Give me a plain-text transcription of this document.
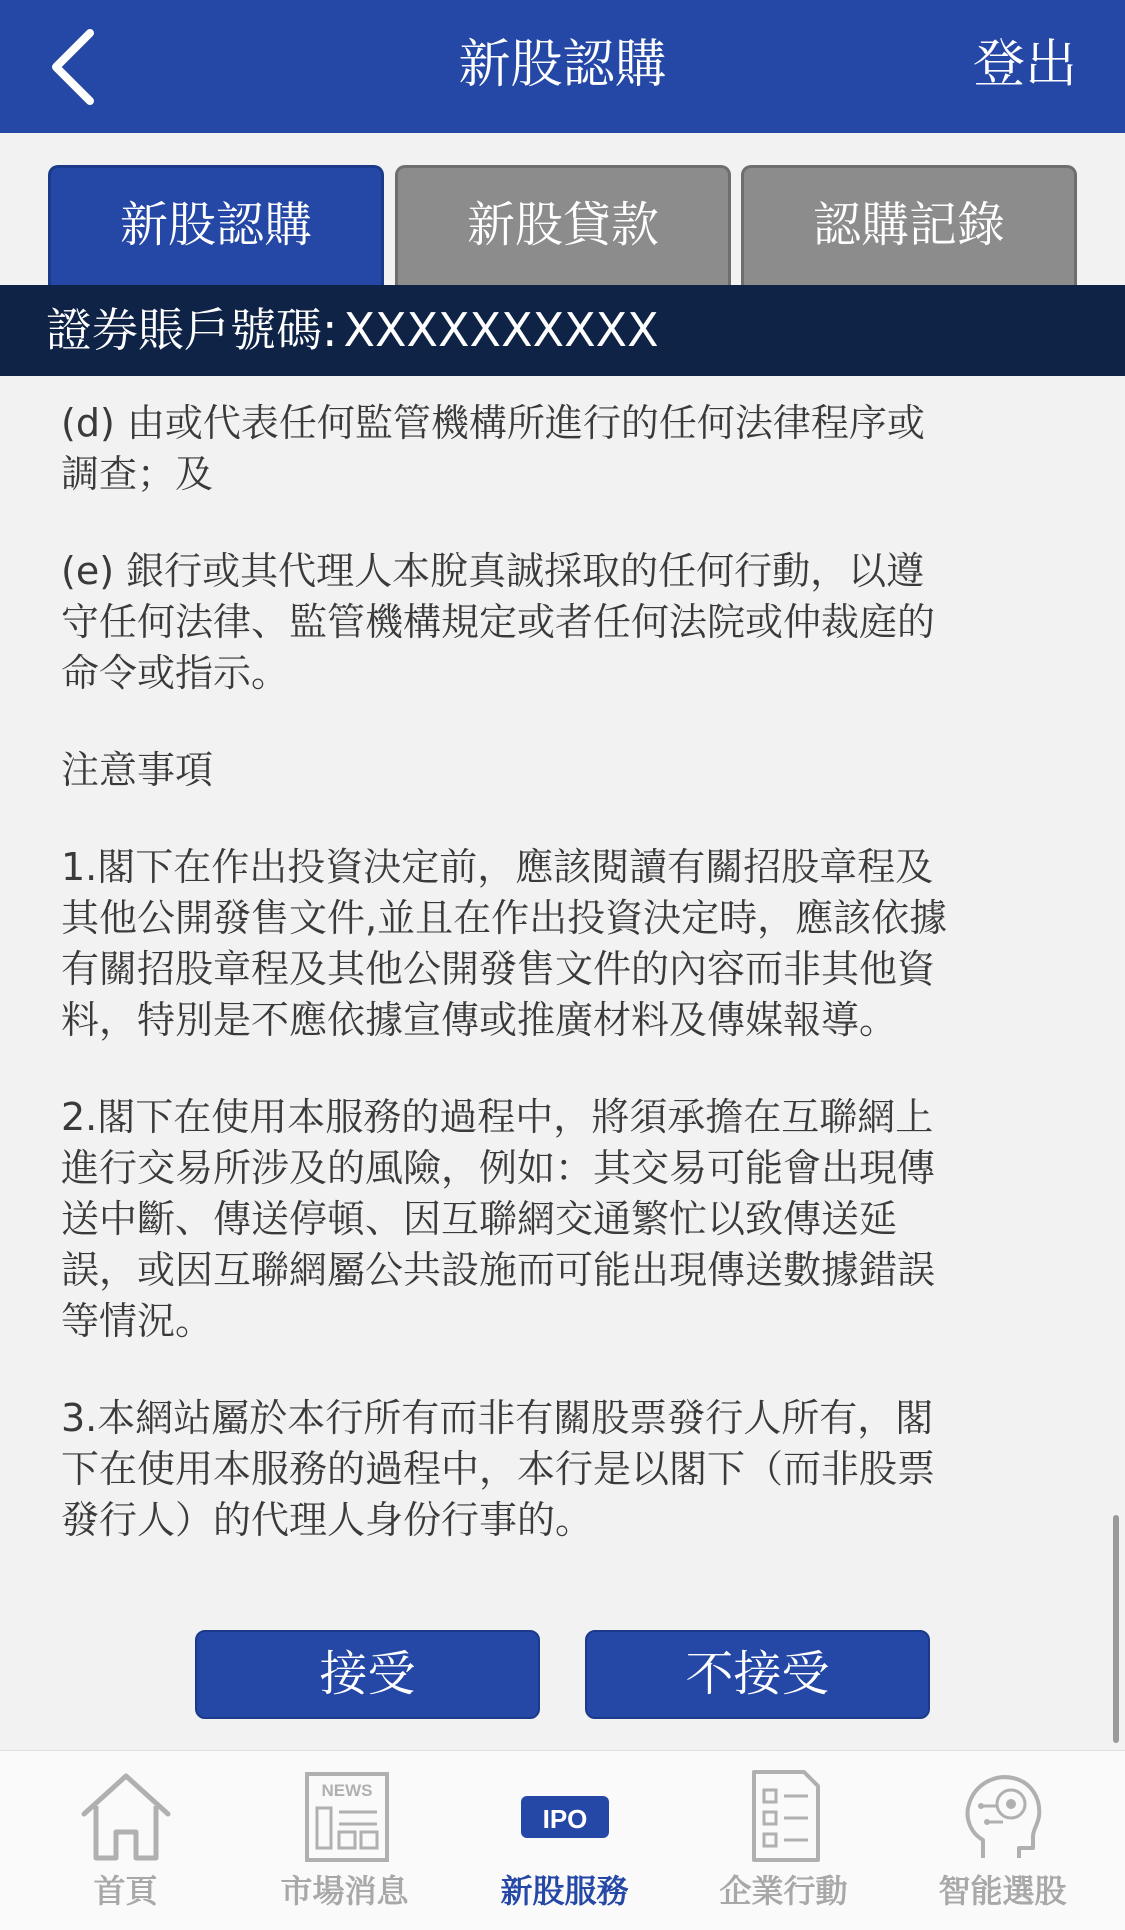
新股認購	登出
新股認購	新股貸款	認購記錄
證券賬戶號碼: XXXXXXXXXX
(d) 由或代表任何監管機構所進行的任何法律程序或
調查；及
(e) 銀行或其代理人本脫真誠採取的任何行動，以遵
守任何法律、監管機構規定或者任何法院或仲裁庭的
命令或指示。
注意事項
1.閣下在作出投資決定前，應該閱讀有關招股章程及
其他公開發售文件,並且在作出投資決定時，應該依據
有關招股章程及其他公開發售文件的內容而非其他資
料，特別是不應依據宣傳或推廣材料及傳媒報導。
2.閣下在使用本服務的過程中，將須承擔在互聯網上
進行交易所涉及的風險，例如：其交易可能會出現傳
送中斷、傳送停頓、因互聯網交通繁忙以致傳送延
誤，或因互聯網屬公共設施而可能出現傳送數據錯誤
等情況。
3.本網站屬於本行所有而非有關股票發行人所有，閣
下在使用本服務的過程中，本行是以閣下（而非股票
發行人）的代理人身份行事的。
接受	不接受
首頁
NEWS
市場消息
IPO
新股服務	企業行動	智能選股
